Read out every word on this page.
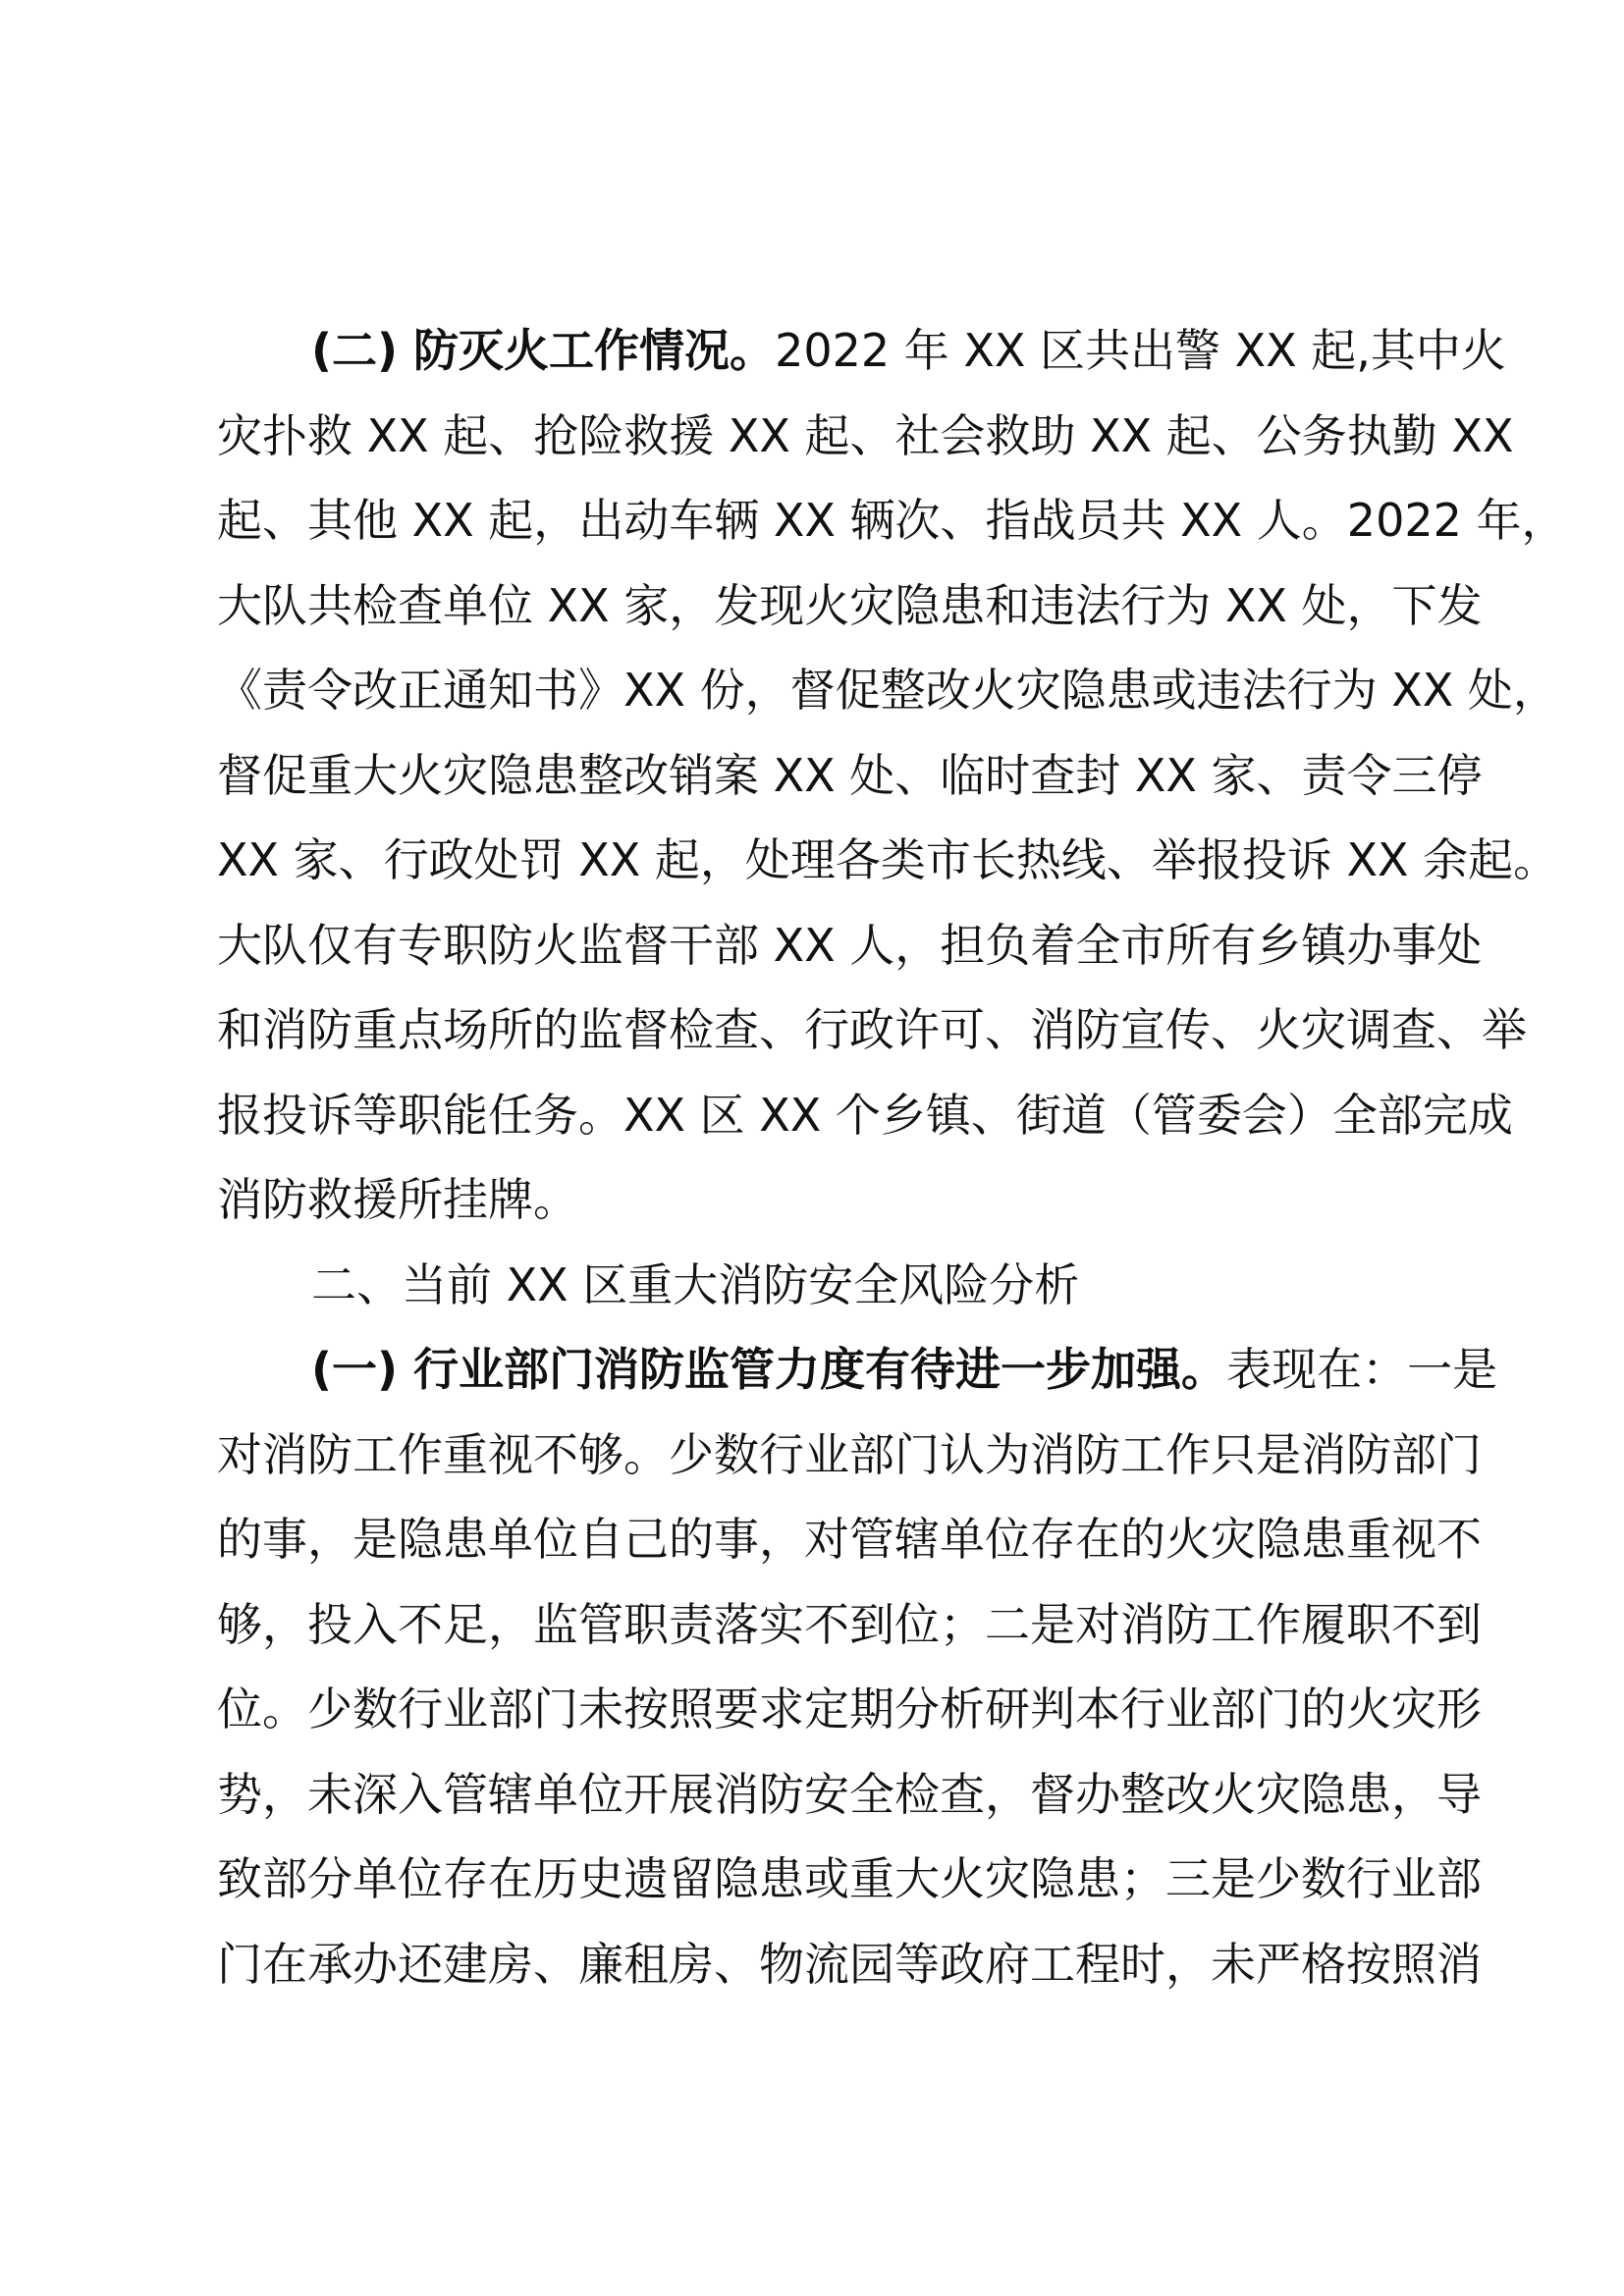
(二) 防灭火工作情况。2022 年 XX 区共出警 XX 起,其中火
灾扑救 XX 起、抢险救援 XX 起、社会救助 XX 起、公务执勤 XX
起、其他 XX 起，出动车辆 XX 辆次、指战员共 XX 人。2022 年，
大队共检查单位 XX 家，发现火灾隐患和违法行为 XX 处，下发
《责令改正通知书》XX 份，督促整改火灾隐患或违法行为 XX 处，
督促重大火灾隐患整改销案 XX 处、临时查封 XX 家、责令三停
XX 家、行政处罚 XX 起，处理各类市长热线、举报投诉 XX 余起。
大队仅有专职防火监督干部 XX 人，担负着全市所有乡镇办事处
和消防重点场所的监督检查、行政许可、消防宣传、火灾调查、举
报投诉等职能任务。XX 区 XX 个乡镇、街道（管委会）全部完成
消防救援所挂牌。
二、当前 XX 区重大消防安全风险分析
(一) 行业部门消防监管力度有待进一步加强。表现在：一是
对消防工作重视不够。少数行业部门认为消防工作只是消防部门
的事，是隐患单位自己的事，对管辖单位存在的火灾隐患重视不
够，投入不足，监管职责落实不到位；二是对消防工作履职不到
位。少数行业部门未按照要求定期分析研判本行业部门的火灾形
势，未深入管辖单位开展消防安全检查，督办整改火灾隐患，导
致部分单位存在历史遗留隐患或重大火灾隐患；三是少数行业部
门在承办还建房、廉租房、物流园等政府工程时，未严格按照消
